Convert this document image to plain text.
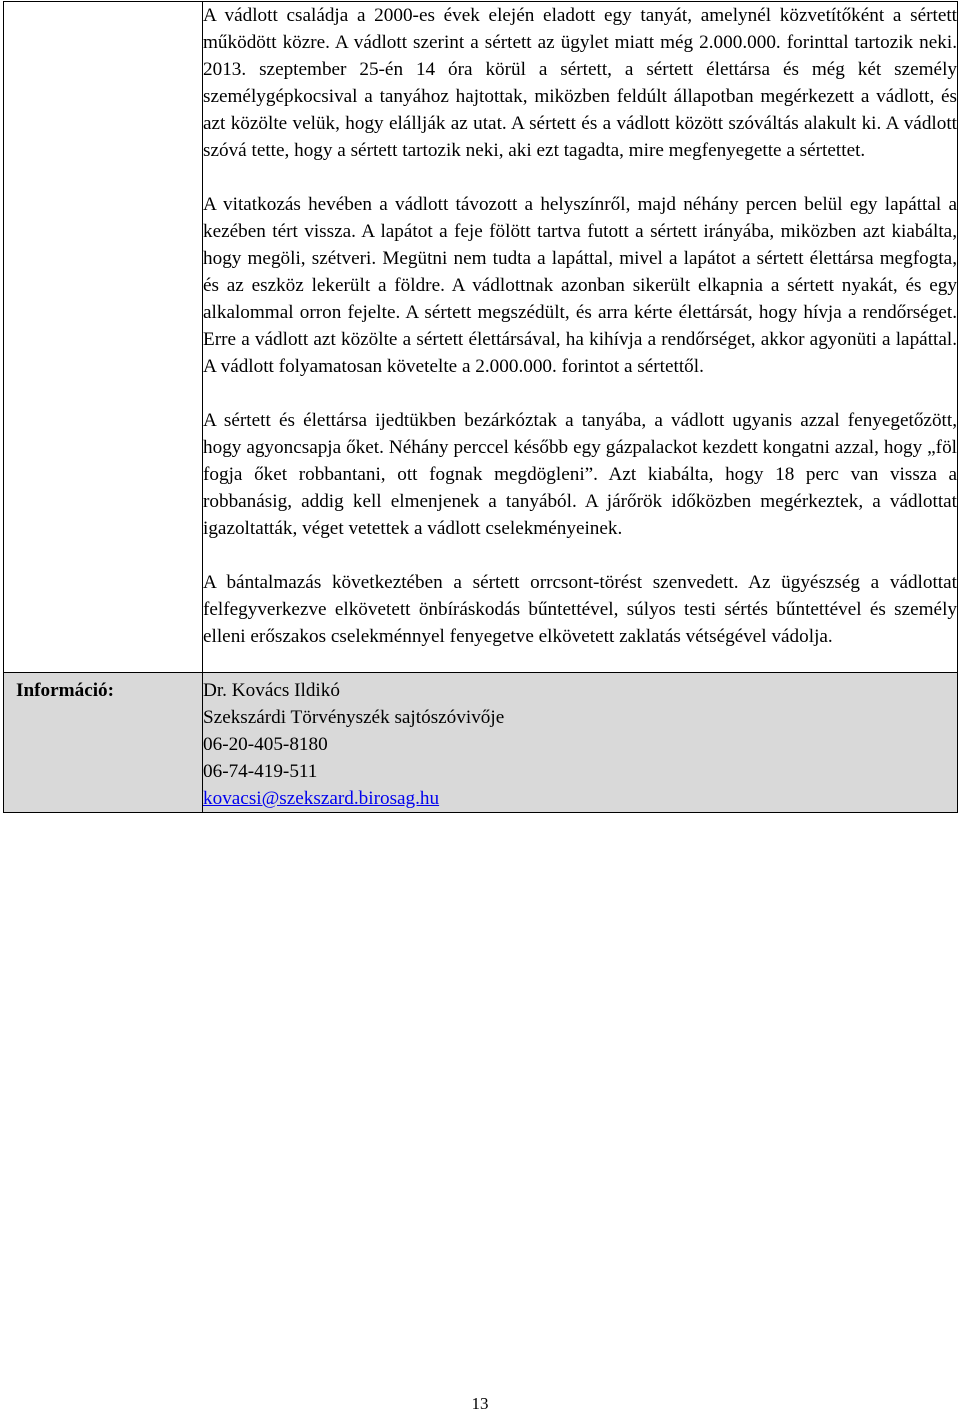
	A vádlott családja a 2000-es évek elején eladott egy tanyát, amelynél közvetítőként a sértett működött közre. A vádlott szerint a sértett az ügylet miatt még 2.000.000. forinttal tartozik neki. 2013. szeptember 25-én 14 óra körül a sértett, a sértett élettársa és még két személy személygépkocsival a tanyához hajtottak, miközben feldúlt állapotban megérkezett a vádlott, és azt közölte velük, hogy elállják az utat. A sértett és a vádlott között szóváltás alakult ki. A vádlott szóvá tette, hogy a sértett tartozik neki, aki ezt tagadta, mire megfenyegette a sértettet.

A vitatkozás hevében a vádlott távozott a helyszínről, majd néhány percen belül egy lapáttal a kezében tért vissza. A lapátot a feje fölött tartva futott a sértett irányába, miközben azt kiabálta, hogy megöli, szétveri. Megütni nem tudta a lapáttal, mivel a lapátot a sértett élettársa megfogta, és az eszköz lekerült a földre. A vádlottnak azonban sikerült elkapnia a sértett nyakát, és egy alkalommal orron fejelte. A sértett megszédült, és arra kérte élettársát, hogy hívja a rendőrséget. Erre a vádlott azt közölte a sértett élettársával, ha kihívja a rendőrséget, akkor agyonüti a lapáttal. A vádlott folyamatosan követelte a 2.000.000. forintot a sértettől.

A sértett és élettársa ijedtükben bezárkóztak a tanyába, a vádlott ugyanis azzal fenyegetőzött, hogy agyoncsapja őket. Néhány perccel később egy gázpalackot kezdett kongatni azzal, hogy „föl fogja őket robbantani, ott fognak megdögleni”. Azt kiabálta, hogy 18 perc van vissza a robbanásig, addig kell elmenjenek a tanyából. A járőrök időközben megérkeztek, a vádlottat igazoltatták, véget vetettek a vádlott cselekményeinek.

A bántalmazás következtében a sértett orrcsont-törést szenvedett. Az ügyészség a vádlottat felfegyverkezve elkövetett önbíráskodás bűntettével, súlyos testi sértés bűntettével és személy elleni erőszakos cselekménnyel fenyegetve elkövetett zaklatás vétségével vádolja.

Információ:	Dr. Kovács Ildikó
Szekszárdi Törvényszék sajtószóvivője
06-20-405-8180
06-74-419-511
kovacsi@szekszard.birosag.hu
13
